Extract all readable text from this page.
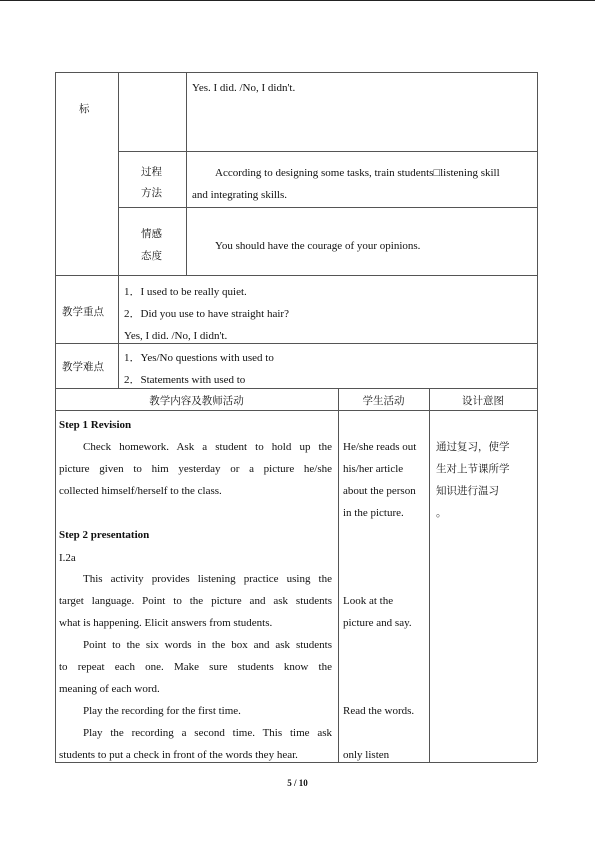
标
Yes. I did. /No, I didn't.
过程
方法
According to designing some tasks, train students□listening skill
and integrating skills.
情感
态度
You should have the courage of your opinions.
教学重点
1．I used to be really quiet.
2．Did you use to have straight hair?
Yes, I did. /No, I didn't.
教学难点
1．Yes/No questions with used to
2．Statements with used to
教学内容及教师活动	学生活动	设计意图
Step 1 Revision
Check homework. Ask a student to hold up the
picture given to him yesterday or a picture he/she
collected himself/herself to the class.
Step 2 presentation
I.2a
This activity provides listening practice using the
target language. Point to the picture and ask students
what is happening. Elicit answers from students.
Point to the six words in the box and ask students
to repeat each one. Make sure students know the
meaning of each word.
Play the recording for the first time.
Play the recording a second time. This time ask
students to put a check in front of the words they hear.
He/she reads out
his/her article
about the person
in the picture.
Look at the
picture and say.
Read the words.
only listen
通过复习，使学
生对上节课所学
知识进行温习
。
5 / 10
